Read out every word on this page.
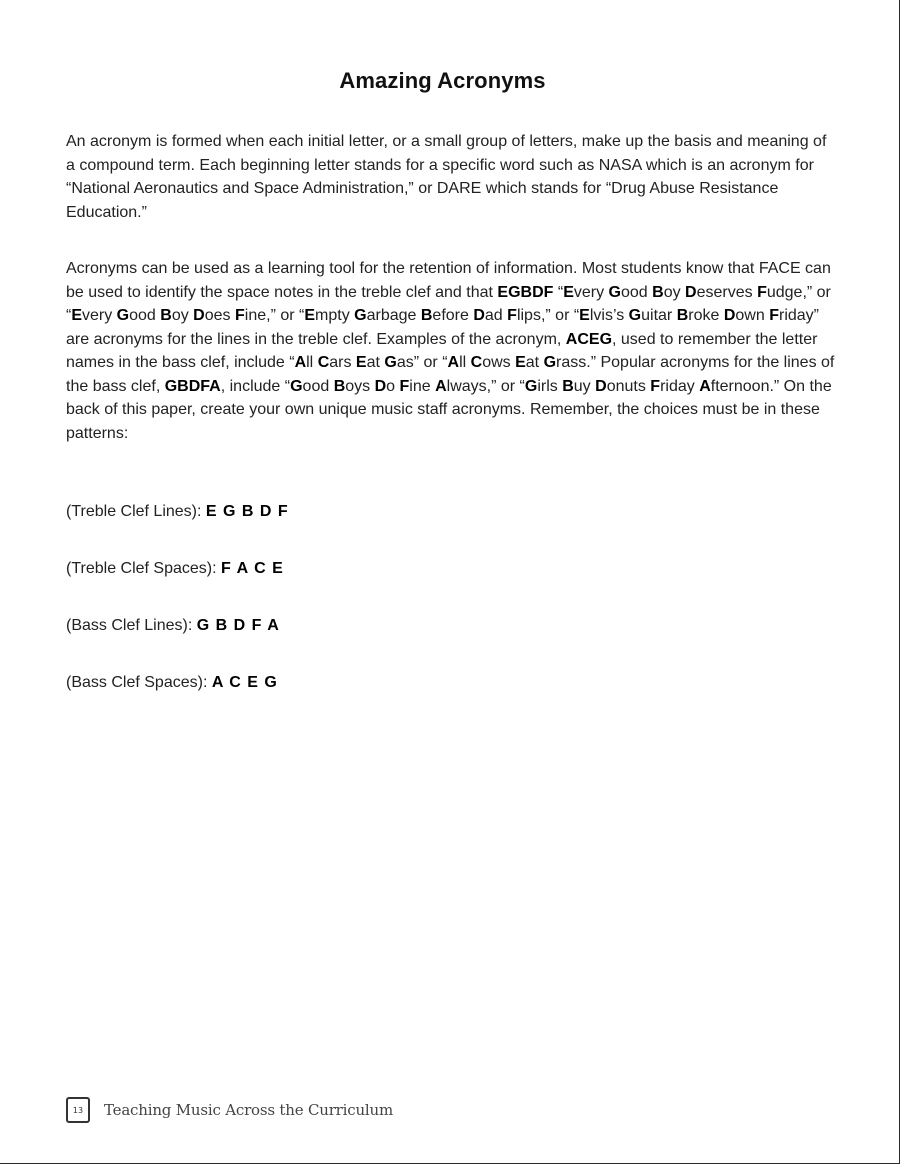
Amazing Acronyms

An acronym is formed when each initial letter, or a small group of letters, make up the basis and meaning of a compound term. Each beginning letter stands for a specific word such as NASA which is an acronym for “National Aeronautics and Space Administration,” or DARE which stands for “Drug Abuse Resistance Education.”

Acronyms can be used as a learning tool for the retention of information. Most students know that FACE can be used to identify the space notes in the treble clef and that EGBDF “Every Good Boy Deserves Fudge,” or “Every Good Boy Does Fine,” or “Empty Garbage Before Dad Flips,” or “Elvis’s Guitar Broke Down Friday” are acronyms for the lines in the treble clef. Examples of the acronym, ACEG, used to remember the letter names in the bass clef, include “All Cars Eat Gas” or “All Cows Eat Grass.” Popular acronyms for the lines of the bass clef, GBDFA, include “Good Boys Do Fine Always,” or “Girls Buy Donuts Friday Afternoon.” On the back of this paper, create your own unique music staff acronyms. Remember, the choices must be in these patterns:

(Treble Clef Lines): E G B D F
(Treble Clef Spaces): F A C E
(Bass Clef Lines): G B D F A
(Bass Clef Spaces): A C E G
13	Teaching Music Across the Curriculum
